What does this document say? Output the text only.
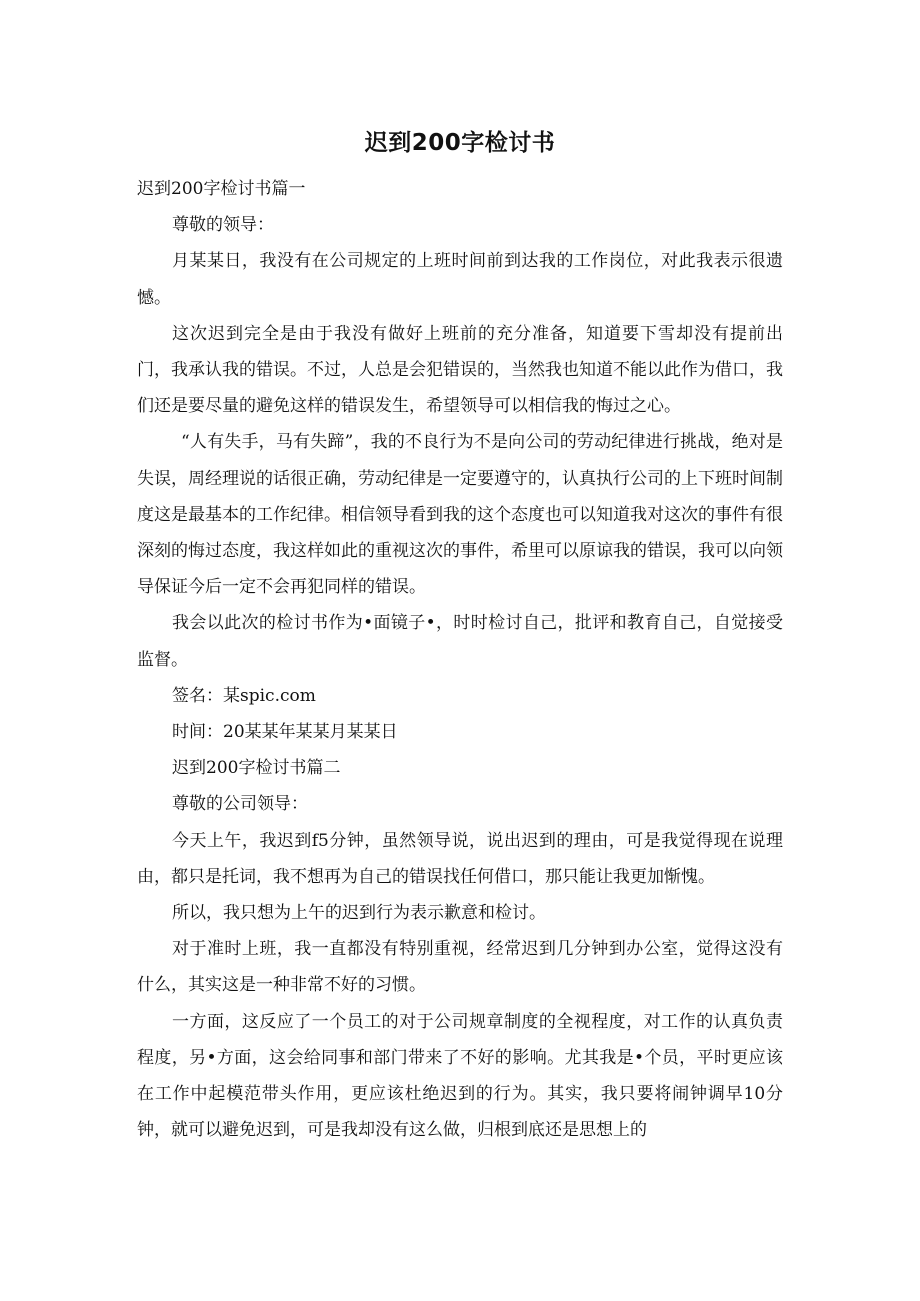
迟到200字检讨书

迟到200字检讨书篇一

尊敬的领导：

月某某日，我没有在公司规定的上班时间前到达我的工作岗位，对此我表示很遗憾。

这次迟到完全是由于我没有做好上班前的充分准备，知道要下雪却没有提前出门，我承认我的错误。不过，人总是会犯错误的，当然我也知道不能以此作为借口，我们还是要尽量的避免这样的错误发生，希望领导可以相信我的悔过之心。

“人有失手，马有失蹄”，我的不良行为不是向公司的劳动纪律进行挑战，绝对是失误，周经理说的话很正确，劳动纪律是一定要遵守的，认真执行公司的上下班时间制度这是最基本的工作纪律。相信领导看到我的这个态度也可以知道我对这次的事件有很深刻的悔过态度，我这样如此的重视这次的事件，希里可以原谅我的错误，我可以向领导保证今后一定不会再犯同样的错误。

我会以此次的检讨书作为•面镜子•，时时检讨自己，批评和教育自己，自觉接受监督。

签名：某spic.com

时间：20某某年某某月某某日

迟到200字检讨书篇二

尊敬的公司领导：

今天上午，我迟到f5分钟，虽然领导说，说出迟到的理由，可是我觉得现在说理由，都只是托词，我不想再为自己的错误找任何借口，那只能让我更加惭愧。

所以，我只想为上午的迟到行为表示歉意和检讨。

对于准时上班，我一直都没有特别重视，经常迟到几分钟到办公室，觉得这没有什么，其实这是一种非常不好的习惯。

一方面，这反应了一个员工的对于公司规章制度的全视程度，对工作的认真负责程度，另•方面，这会给同事和部门带来了不好的影响。尤其我是•个员，平时更应该在工作中起模范带头作用，更应该杜绝迟到的行为。其实，我只要将闹钟调早10分钟，就可以避免迟到，可是我却没有这么做，归根到底还是思想上的
